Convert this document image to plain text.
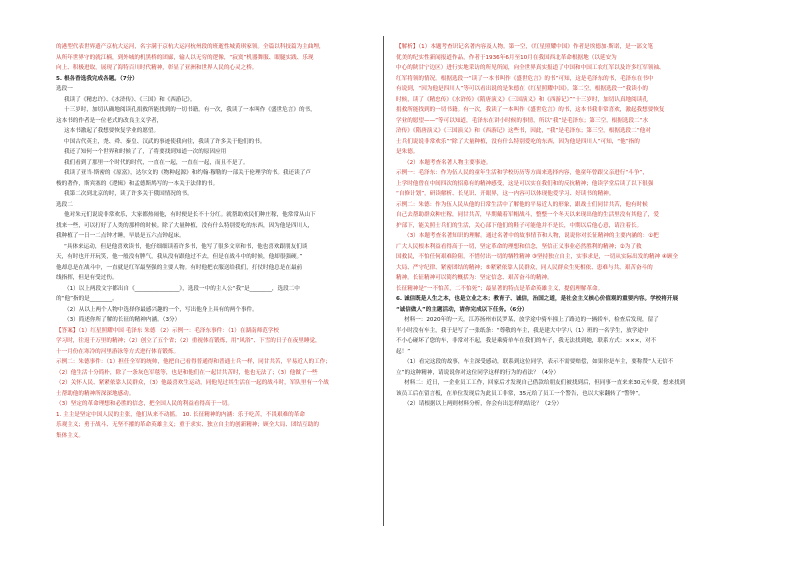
的港型代表世界遗产京杭大运河，名字满于京杭大运河杭州段的班逝性城黄琪家领。全篇以科技篇为主曲埋，
从所年世界守的就江楠，到外城的机黑桥的团廊，输人以无穷的逻像，“寂寞”机器舞服、眼腿实践、乐现
向上、积极进取，展现了海特百川时代精神，彰显了亚洲和世界人民的心灵之桥。
5. 根各香选我完成各题。（7分）
选段一
我读了《精忠许》、《水浒传》、《三国》和《西游记》。
十三岁时，加切认确地阅读孔捐救所能找到的一切书籍。有一次，我读了一本叫作《盛世危言》的书，
这本书的作者是一位老式的改良主义学者，
这本书激起了我想要恢复学业的愿望。
中国古代英主，尧、舜、秦皇、汉武的事迹使我向往，我读了许多关于他们的书。
我还了知何一个世界和时候了了，了将要找到知道一次的原因应用
我们看到了那里一个时代的时代，一直在一起，一直在一起，而且不是了。
我读了亚当·斯密的《原富》，达尔文的《物种起源》和约翰·穆勒的一部关于伦理学的书。我还读了卢
梭的著作，斯宾塞的《逻辑》和孟德斯鸠写的一本关于法律的书。
我第二次到北京的时，读了许多关于俄国情况的书。
选段二
他对朱元们说说非常欢乐，大家都热闹他，有时便是长不十分红。就帮助欢民们种庄稼，他常常从山下
找来一些，可以打好了人类的那样的时候。除了大量种植，没有什么特别爱吃的东西，因为他是四川人，
我种植了一日一二点钟才睡，早晨是五六点钟起床。
“具体来运动，但是他喜欢读书，他仔细细读着许多书，他写了很多文章和书，他也喜欢跟朋友们谈
天，有时也开开玩笑，他一般没有脾气，我从没有跟他过不去，但是在战斗中的时候，他却很强硬。”
他却总是在战斗中，一直就是红军最坚强的主要人物。有时他把衣服送给我们，打仗时他总是在最前
线指挥，但是有受过伤。
（1）以上两段文字都出自《________________》，选段一中的主人公“我”是________，选段二中
的“他”指的是________。
（2）从以上两个人物中选择你最感兴趣的一个，写出他身上具有的两个事件。
（3）简述你所了解的长征的精神内涵。（3分）
【答案】（1）红星照耀中国 毛泽东 朱德 （2）示例一：毛泽东事件：（1）在湖南师范学校
学习时，往返千万里的精神；（2）创立了五个省；（2）重视体育锻炼，用“风浴”、下雪的日子在夜里睡觉，
十一月份在寒冷的河里游泳等方式进行体育锻炼。
示例二：朱德事件：（1）担任全军的统帅，他把自己看得普通得和普通士兵一样，同甘共苦，平易近人的工作；
（2）他生活十分简朴，除了一条灰色军毯等，也是和他们在一起甘共苦时，他也无法了；（3）他做了一些
（2）关怀人民、紧紧依靠人民群众，（3）他最喜欢生运动，同他见过其生活在一起的战斗时，军队里有一个战
士帮助他的精神所深深地感动。
（3）坚定的革命理想和必胜的信念，把全国人民的利益看得高于一切。
1. 主主是坚定中国人民的主张，他们从来不动摇。 10. 长征精神的内涵：乐于吃苦，不畏艰难的革命
乐观主义；勇于战斗、无坚不摧的革命英雄主义；重于求实、独立自主的创新精神；顾全大局、团结互助的
集体主义。
【解析】（1）本题考查识记名著内容及人物。第一空，《红星照耀中国》作者是埃德加·斯诺，是一部文笔
优美的纪实性新闻报道作品，作者于1936年6月至10月在我国西北革命根据地（以延安为
中心的陕甘宁边区）进行实地采访的所见所闻，向全世界真实报道了中国和中国工农红军以及许多红军领袖、
红军将领的情况。根据选段一“读了一本书叫作《盛世危言》的书”可知，这是毛泽东的书，毛泽东在书中
有说到，“因为他是四川人”等可以看出说的是朱德在《红星照耀中国》。第二空，根据选段一“我读小的
时候，读了《精忠传》《水浒传》《隋唐演义》《三国演义》和《西游记》”“十三岁时，加切认真地阅读孔
捐救所能找到的一切书籍。有一次，我读了一本叫作《盛世危言》的书，这本书我非常喜欢，激起我想要恢复
学业的愿望——”等可以知道，毛泽东在讲小时候的事情，所以“我”是毛泽东；第三空，根据选段二“水
浒传》《隋唐演义》《三国演义》和《西游记》这些书，因此，“我”是毛泽东；第三空，根据选段二“他对
士兵们说说非常欢乐”“除了大量种植，没有什么特别爱吃的东西，因为他是四川人”可知，“他”指的
是朱德。
（2）本题考查名著人物主要事迹。
示例一：毛泽东：作为伍人民的童年生活和学校历历等方面来选择内容，他童年曾跟父亲进行“斗争”，
上学时他曾在中间四次的招募有的精神感受，这是可以实在我们和的反抗精神；他读学堂后读了以下很强
“自修计划”，研读解析、长见识、开眼界，这一内容可以体现他爱学习、好读书的精神。
示例二：朱德：作为伍人民从他的日常生活中了解他的平易近人的形象，跟战士们同甘共苦，他有时候
自己去帮助群众种庄稼，同甘共苦，早期戴着军帽战斗，整整一个冬天以来现出他的生活里没有其他了，爱
护部下，能关照士兵们的生活，关心部下他们的鞋子可能他并不是长，中期以后他心意，请注着长。
（3）本题考查名著知识的理解。通过名著中的故事情节和人物，说说你对长征精神的主要内涵的：①把
广大人民根本利益看得高于一切，坚定革命的理想和信念，坚信正义事业必然胜利的精神；②为了救
国救民，不怕任何艰难险阻，不惜付出一切的牺牲精神 ③坚持独立自主，实事求是，一切从实际出发的精神 ④顾全
大局、严守纪律、紧密团结的精神；⑤紧紧依靠人民群众，同人民群众生死相依、患难与共、艰苦奋斗的
精神。长征精神可以简约概括为：坚定信念、艰苦奋斗的精神。
长征精神是“一不怕苦，二不怕死”；最显著的特点是革命英雄主义，提倡理解革命。
6. 诚信既是人生之本，也是立业之本；教育子、诚信，治国之道，是社会主义核心价值观的重要内容。学校将开展
“诚信做人”的主题活动，请你完成以下任务。（6分）
材料一：2020年的一天，江苏扬州市民罗某，放学途中骑车撞上了路边的一辆轿车，检查后发现，留了
半小时没有车主，我于是写了一张纸条：“尊敬的车主，我是建大中学八（1）班的一名学生，放学途中
不小心碰坏了您的车，非常对不起，我是乘骑单车在我们的车子，我无法找到她，联系方式：×××，对不
起！”
（1）看完这段的故事，车主深受感动，联系到这位同学，表示不需要赔偿，如果你是车主，要称赞“人无信不
立”的这种精神，请说说你对这位同学这样的行为的看法？（4分）
材料二：近日，一企业员工工作，回家后才发现自己借款给朋友们被找到后，但同事一直来来30元车费，想来找到
该员工后在留言板，在单位发现后为此员工非常，35元给了员工一个警告，也以大家翻转了“警钟”。
（2）请根据以上两则材料分析，你会有出怎样的结论？（2分）
